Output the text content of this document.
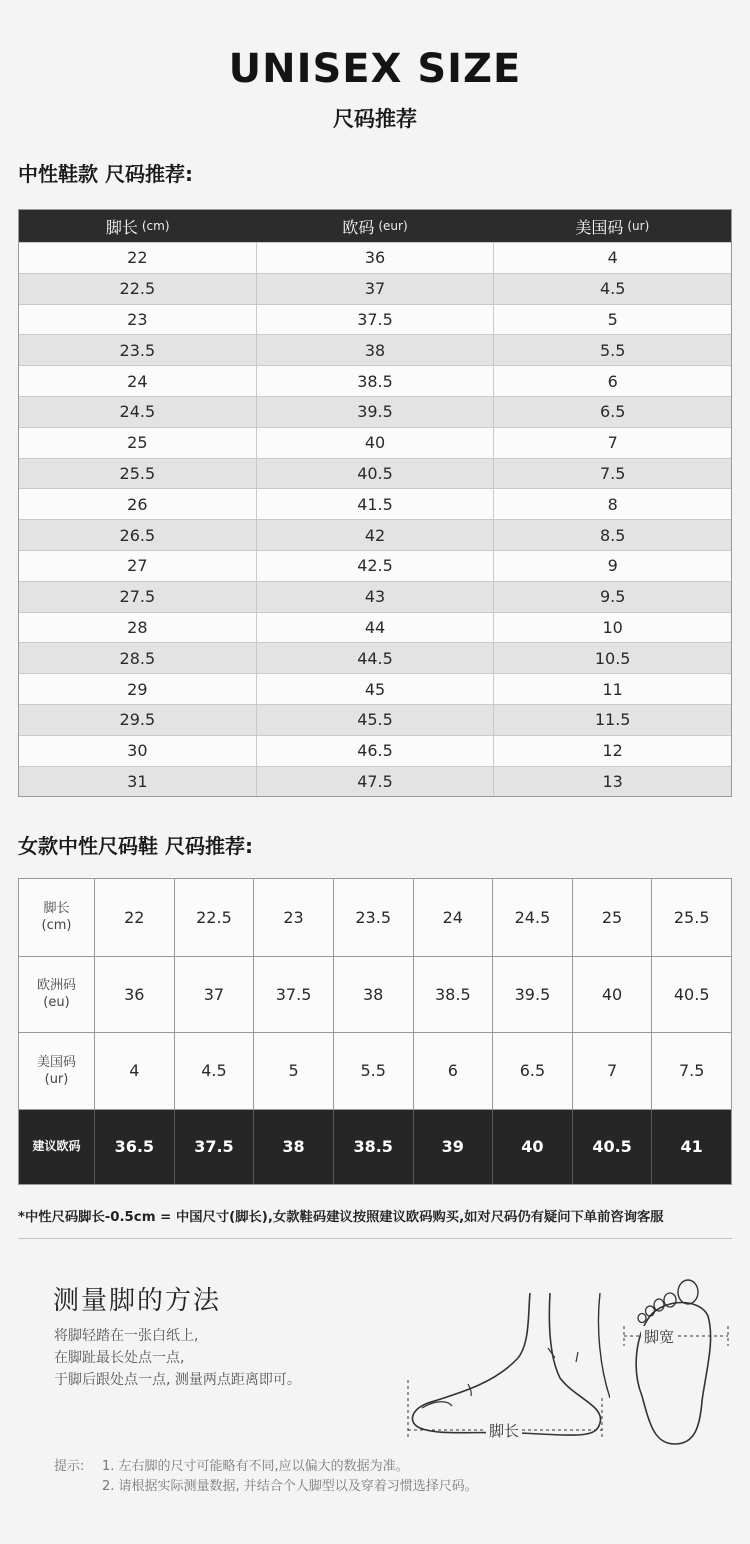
UNISEX SIZE
尺码推荐
中性鞋款 尺码推荐:
脚长 (cm)	欧码 (eur)	美国码 (ur)
22	36	4
22.5	37	4.5
23	37.5	5
23.5	38	5.5
24	38.5	6
24.5	39.5	6.5
25	40	7
25.5	40.5	7.5
26	41.5	8
26.5	42	8.5
27	42.5	9
27.5	43	9.5
28	44	10
28.5	44.5	10.5
29	45	11
29.5	45.5	11.5
30	46.5	12
31	47.5	13
女款中性尺码鞋 尺码推荐:
脚长
(cm)	22	22.5	23	23.5	24	24.5	25	25.5
欧洲码
(eu)	36	37	37.5	38	38.5	39.5	40	40.5
美国码
(ur)	4	4.5	5	5.5	6	6.5	7	7.5
建议欧码	36.5	37.5	38	38.5	39	40	40.5	41
*中性尺码脚长-0.5cm = 中国尺寸(脚长),女款鞋码建议按照建议欧码购买,如对尺码仍有疑问下单前咨询客服
测量脚的方法
将脚轻踏在一张白纸上,
在脚趾最长处点一点,
于脚后跟处点一点, 测量两点距离即可。
脚长
脚宽
提示:	1. 左右脚的尺寸可能略有不同,应以偏大的数据为准。
2. 请根据实际测量数据, 并结合个人脚型以及穿着习惯选择尺码。
